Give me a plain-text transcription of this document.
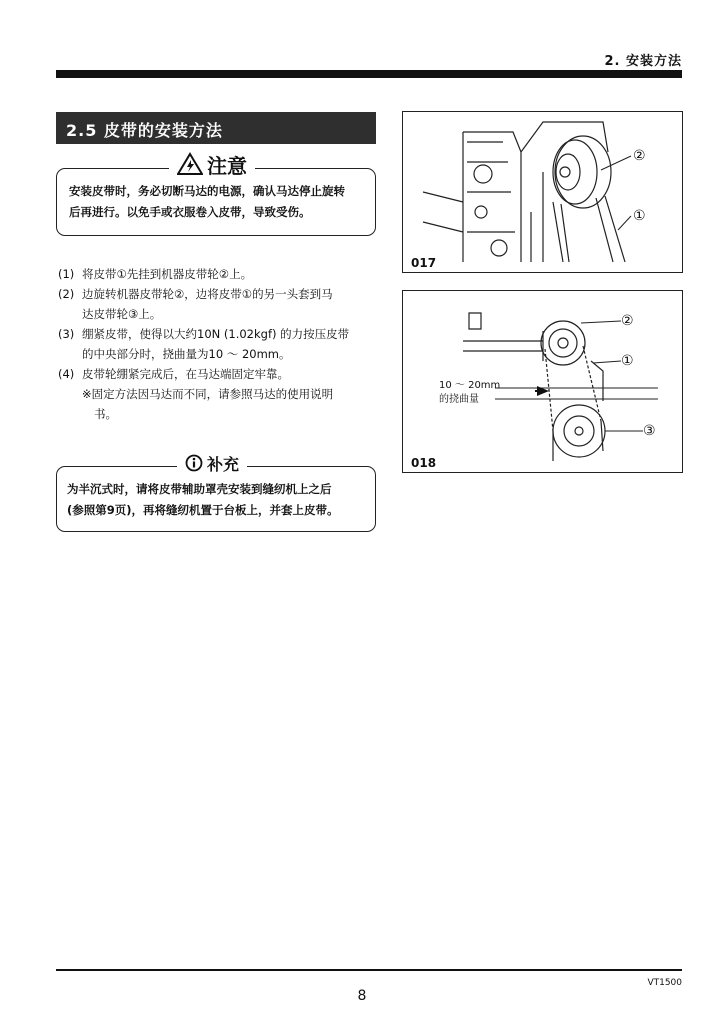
2. 安装方法
2.5 皮带的安装方法
注意
安装皮带时，务必切断马达的电源，确认马达停止旋转
后再进行。以免手或衣服卷入皮带，导致受伤。
(1) 将皮带①先挂到机器皮带轮②上。
(2) 边旋转机器皮带轮②，边将皮带①的另一头套到马
达皮带轮③上。
(3) 绷紧皮带，使得以大约10N (1.02kgf) 的力按压皮带
的中央部分时，挠曲量为10 ～ 20mm。
(4) 皮带轮绷紧完成后，在马达端固定牢靠。
※固定方法因马达而不同，请参照马达的使用说明
书。
补充
为半沉式时，请将皮带辅助罩壳安装到缝纫机上之后
(参照第9页)，再将缝纫机置于台板上，并套上皮带。
②
①
017
②
①
③
10 ～ 20mm
的挠曲量
018
VT1500
8
